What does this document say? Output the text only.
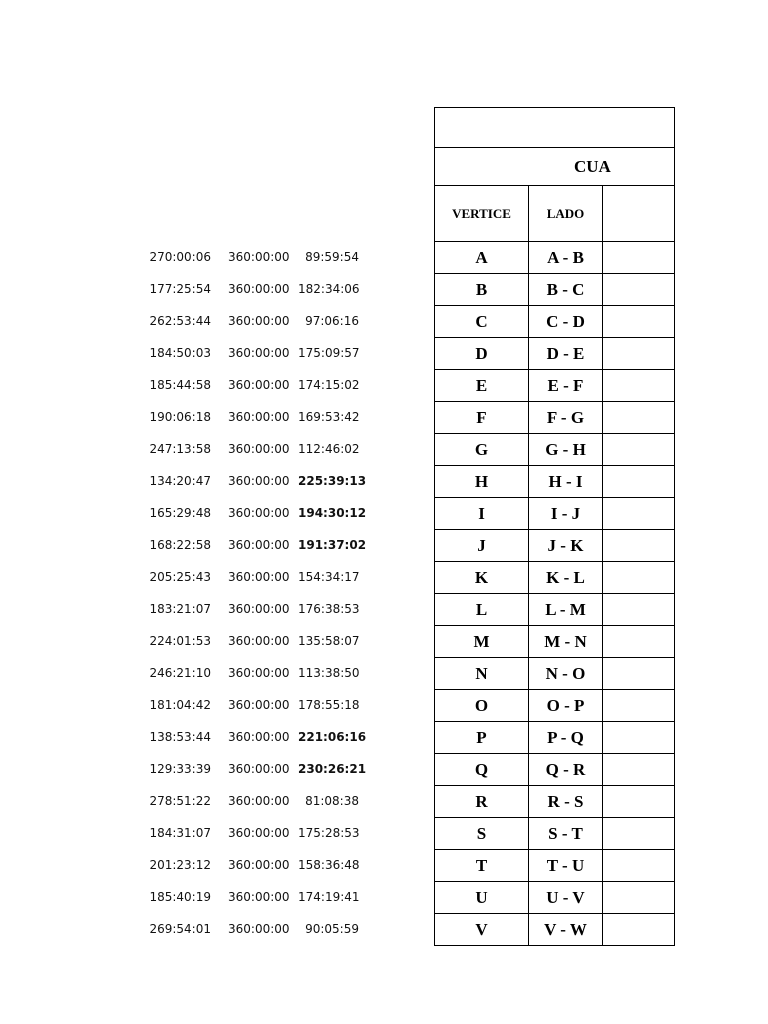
270:00:06 360:00:00	89:59:54
177:25:54 360:00:00 182:34:06
262:53:44 360:00:00	97:06:16
184:50:03 360:00:00 175:09:57
185:44:58 360:00:00 174:15:02
190:06:18 360:00:00 169:53:42
247:13:58 360:00:00 112:46:02
134:20:47 360:00:00 225:39:13
165:29:48 360:00:00 194:30:12
168:22:58 360:00:00 191:37:02
205:25:43 360:00:00 154:34:17
183:21:07 360:00:00 176:38:53
224:01:53 360:00:00 135:58:07
246:21:10 360:00:00 113:38:50
181:04:42 360:00:00 178:55:18
138:53:44 360:00:00 221:06:16
129:33:39 360:00:00 230:26:21
278:51:22 360:00:00	81:08:38
184:31:07 360:00:00 175:28:53
201:23:12 360:00:00 158:36:48
185:40:19 360:00:00 174:19:41
269:54:01 360:00:00	90:05:59

CUA		
VERTICE	LADO	
A	A - B	
B	B - C	
C	C - D	
D	D - E	
E	E - F	
F	F - G	
G	G - H	
H	H - I	
I	I - J	
J	J - K	
K	K - L	
L	L - M	
M	M - N	
N	N - O	
O	O - P	
P	P - Q	
Q	Q - R	
R	R - S	
S	S - T	
T	T - U	
U	U - V	
V	V - W	
